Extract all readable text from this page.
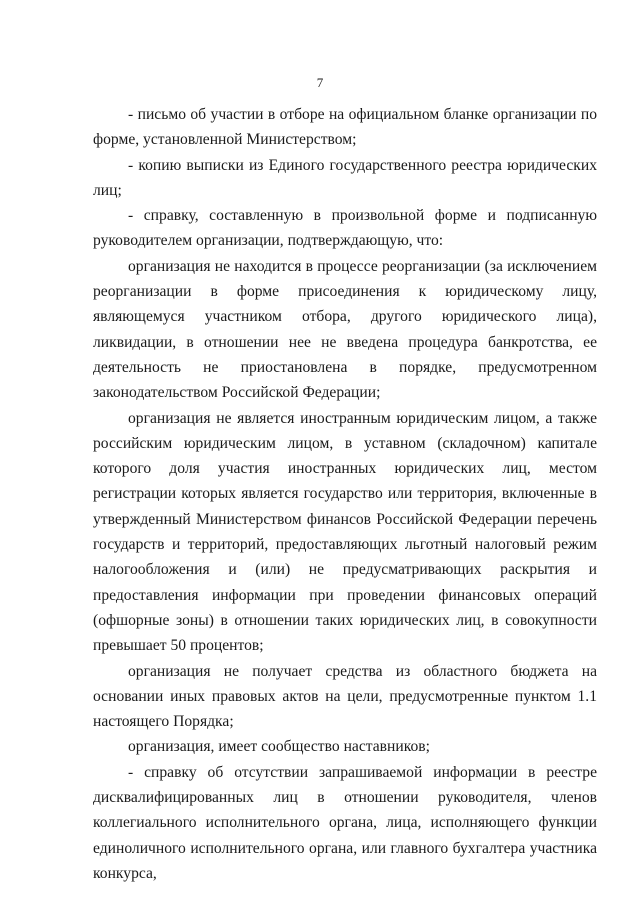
7

- письмо об участии в отборе на официальном бланке организации по форме, установленной Министерством;

- копию выписки из Единого государственного реестра юридических лиц;

- справку, составленную в произвольной форме и подписанную руководителем организации, подтверждающую, что:

организация не находится в процессе реорганизации (за исключением реорганизации в форме присоединения к юридическому лицу, являющемуся участником отбора, другого юридического лица), ликвидации, в отношении нее не введена процедура банкротства, ее деятельность не приостановлена в порядке, предусмотренном законодательством Российской Федерации;

организация не является иностранным юридическим лицом, а также российским юридическим лицом, в уставном (складочном) капитале которого доля участия иностранных юридических лиц, местом регистрации которых является государство или территория, включенные в утвержденный Министерством финансов Российской Федерации перечень государств и территорий, предоставляющих льготный налоговый режим налогообложения и (или) не предусматривающих раскрытия и предоставления информации при проведении финансовых операций (офшорные зоны) в отношении таких юридических лиц, в совокупности превышает 50 процентов;

организация не получает средства из областного бюджета на основании иных правовых актов на цели, предусмотренные пунктом 1.1 настоящего Порядка;

организация, имеет сообщество наставников;

- справку об отсутствии запрашиваемой информации в реестре дисквалифицированных лиц в отношении руководителя, членов коллегиального исполнительного органа, лица, исполняющего функции единоличного исполнительного органа, или главного бухгалтера участника конкурса,
